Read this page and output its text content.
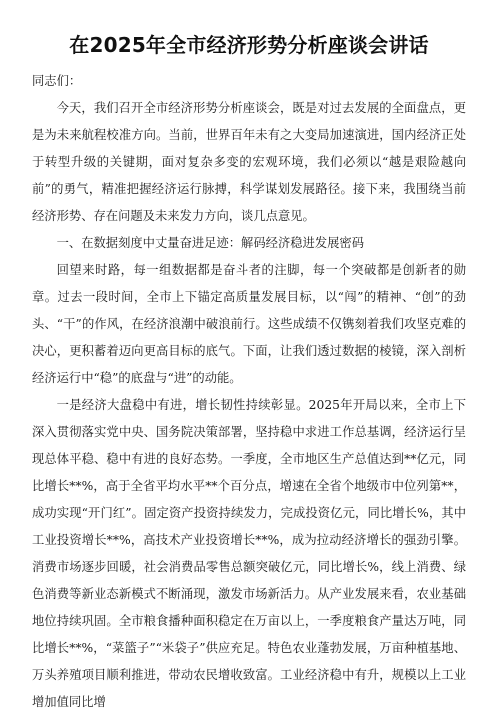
在2025年全市经济形势分析座谈会讲话

同志们：

今天，我们召开全市经济形势分析座谈会，既是对过去发展的全面盘点，更是为未来航程校准方向。当前，世界百年未有之大变局加速演进，国内经济正处于转型升级的关键期，面对复杂多变的宏观环境，我们必须以“越是艰险越向前”的勇气，精准把握经济运行脉搏，科学谋划发展路径。接下来，我围绕当前经济形势、存在问题及未来发力方向，谈几点意见。

一、在数据刻度中丈量奋进足迹：解码经济稳进发展密码

回望来时路，每一组数据都是奋斗者的注脚，每一个突破都是创新者的勋章。过去一段时间，全市上下锚定高质量发展目标，以“闯”的精神、“创”的劲头、“干”的作风，在经济浪潮中破浪前行。这些成绩不仅镌刻着我们攻坚克难的决心，更积蓄着迈向更高目标的底气。下面，让我们透过数据的棱镜，深入剖析经济运行中“稳”的底盘与“进”的动能。

一是经济大盘稳中有进，增长韧性持续彰显。2025年开局以来，全市上下深入贯彻落实党中央、国务院决策部署，坚持稳中求进工作总基调，经济运行呈现总体平稳、稳中有进的良好态势。一季度，全市地区生产总值达到**亿元，同比增长**%，高于全省平均水平**个百分点，增速在全省个地级市中位列第**，成功实现“开门红”。固定资产投资持续发力，完成投资亿元，同比增长%，其中工业投资增长**%，高技术产业投资增长**%，成为拉动经济增长的强劲引擎。消费市场逐步回暖，社会消费品零售总额突破亿元，同比增长%，线上消费、绿色消费等新业态新模式不断涌现，激发市场新活力。从产业发展来看，农业基础地位持续巩固。全市粮食播种面积稳定在万亩以上，一季度粮食产量达万吨，同比增长**%，“菜篮子”“米袋子”供应充足。特色农业蓬勃发展，万亩种植基地、万头养殖项目顺利推进，带动农民增收致富。工业经济稳中有升，规模以上工业增加值同比增
